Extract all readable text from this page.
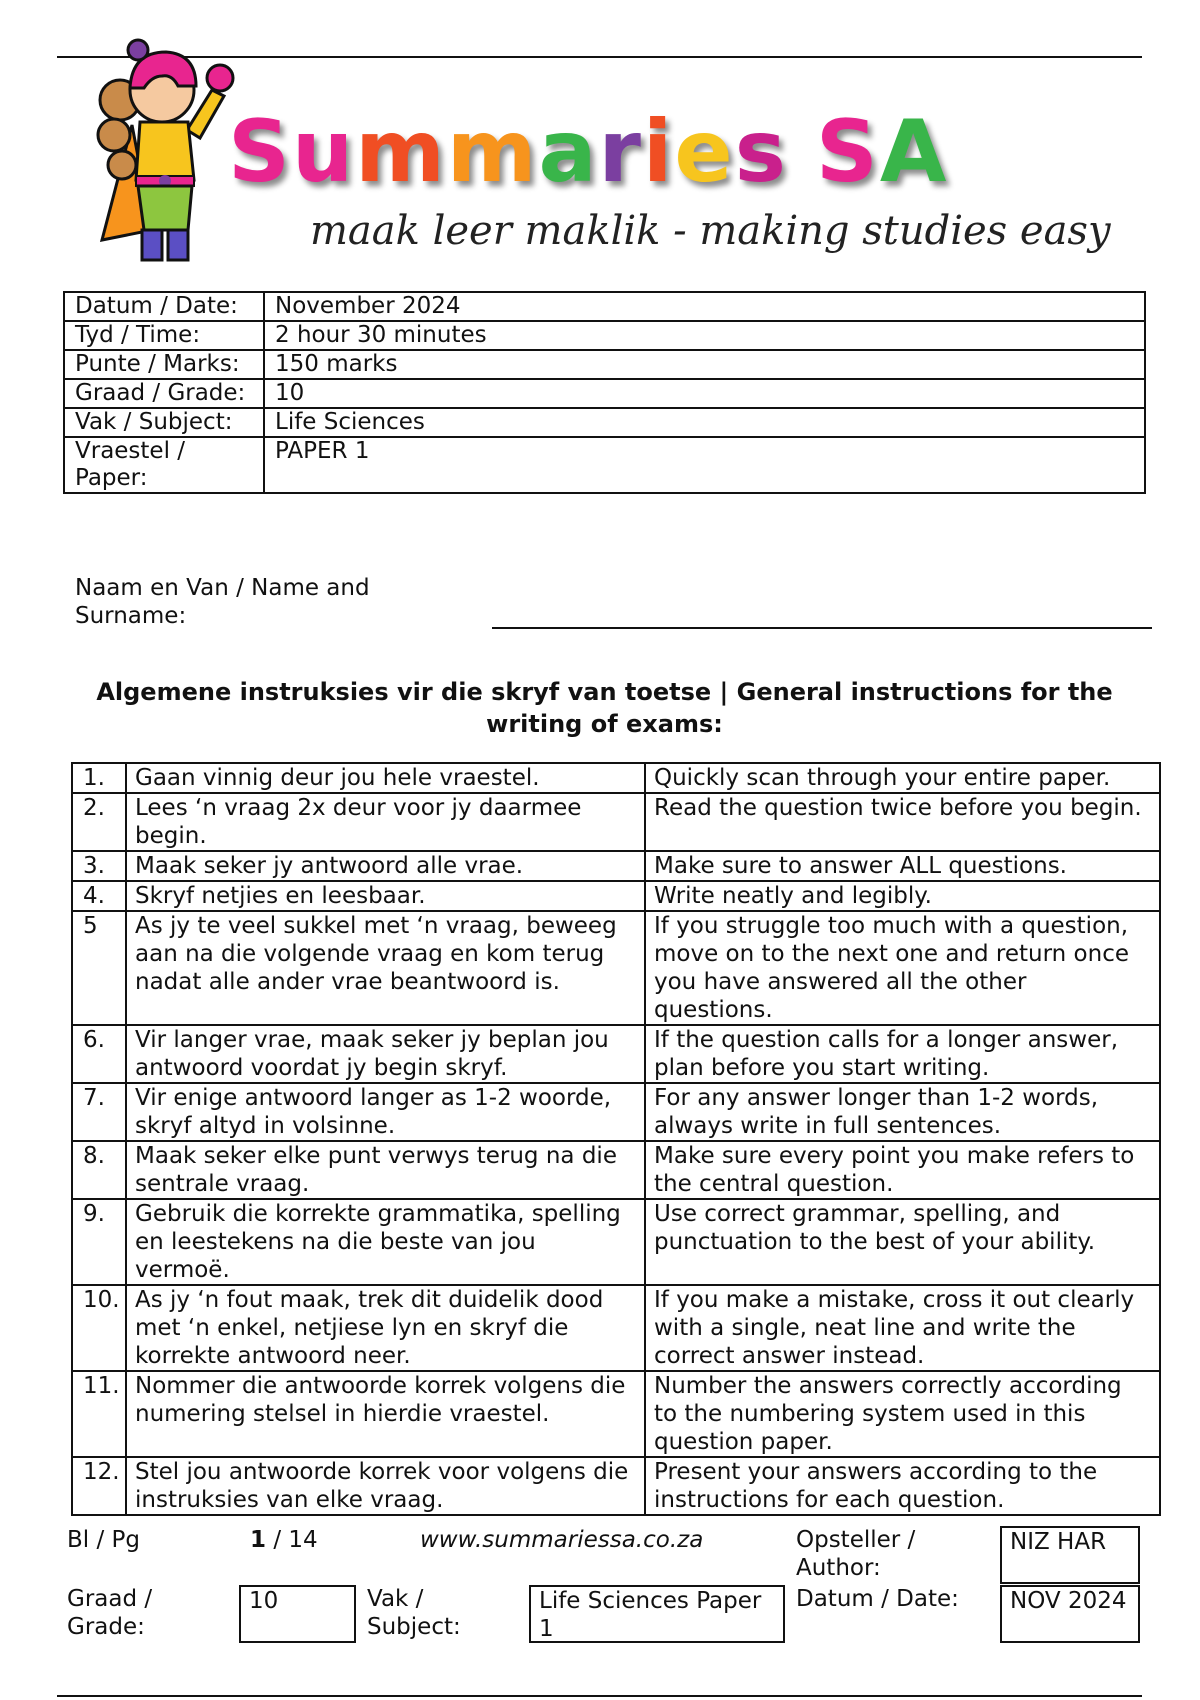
Summaries SA
maak leer maklik - making studies easy
Datum / Date:	November 2024
Tyd / Time:	2 hour 30 minutes
Punte / Marks:	150 marks
Graad / Grade:	10
Vak / Subject:	Life Sciences
Vraestel / Paper:	PAPER 1
Naam en Van / Name and Surname:
Algemene instruksies vir die skryf van toetse | General instructions for the writing of exams:
1.	Gaan vinnig deur jou hele vraestel.	Quickly scan through your entire paper.
2.	Lees ‘n vraag 2x deur voor jy daarmee begin.	Read the question twice before you begin.
3.	Maak seker jy antwoord alle vrae.	Make sure to answer ALL questions.
4.	Skryf netjies en leesbaar.	Write neatly and legibly.
5	As jy te veel sukkel met ‘n vraag, beweeg aan na die volgende vraag en kom terug nadat alle ander vrae beantwoord is.	If you struggle too much with a question, move on to the next one and return once you have answered all the other questions.
6.	Vir langer vrae, maak seker jy beplan jou antwoord voordat jy begin skryf.	If the question calls for a longer answer, plan before you start writing.
7.	Vir enige antwoord langer as 1-2 woorde, skryf altyd in volsinne.	For any answer longer than 1-2 words, always write in full sentences.
8.	Maak seker elke punt verwys terug na die sentrale vraag.	Make sure every point you make refers to the central question.
9.	Gebruik die korrekte grammatika, spelling en leestekens na die beste van jou vermoë.	Use correct grammar, spelling, and punctuation to the best of your ability.
10.	As jy ‘n fout maak, trek dit duidelik dood met ‘n enkel, netjiese lyn en skryf die korrekte antwoord neer.	If you make a mistake, cross it out clearly with a single, neat line and write the correct answer instead.
11.	Nommer die antwoorde korrek volgens die numering stelsel in hierdie vraestel.	Number the answers correctly according to the numbering system used in this question paper.
12.	Stel jou antwoorde korrek voor volgens die instruksies van elke vraag.	Present your answers according to the instructions for each question.
Bl / Pg	1 / 14	www.summariessa.co.za	Opsteller / Author:
NIZ HAR
Graad / Grade:
10	Vak / Subject:
Life Sciences Paper 1
Datum / Date:	NOV 2024
